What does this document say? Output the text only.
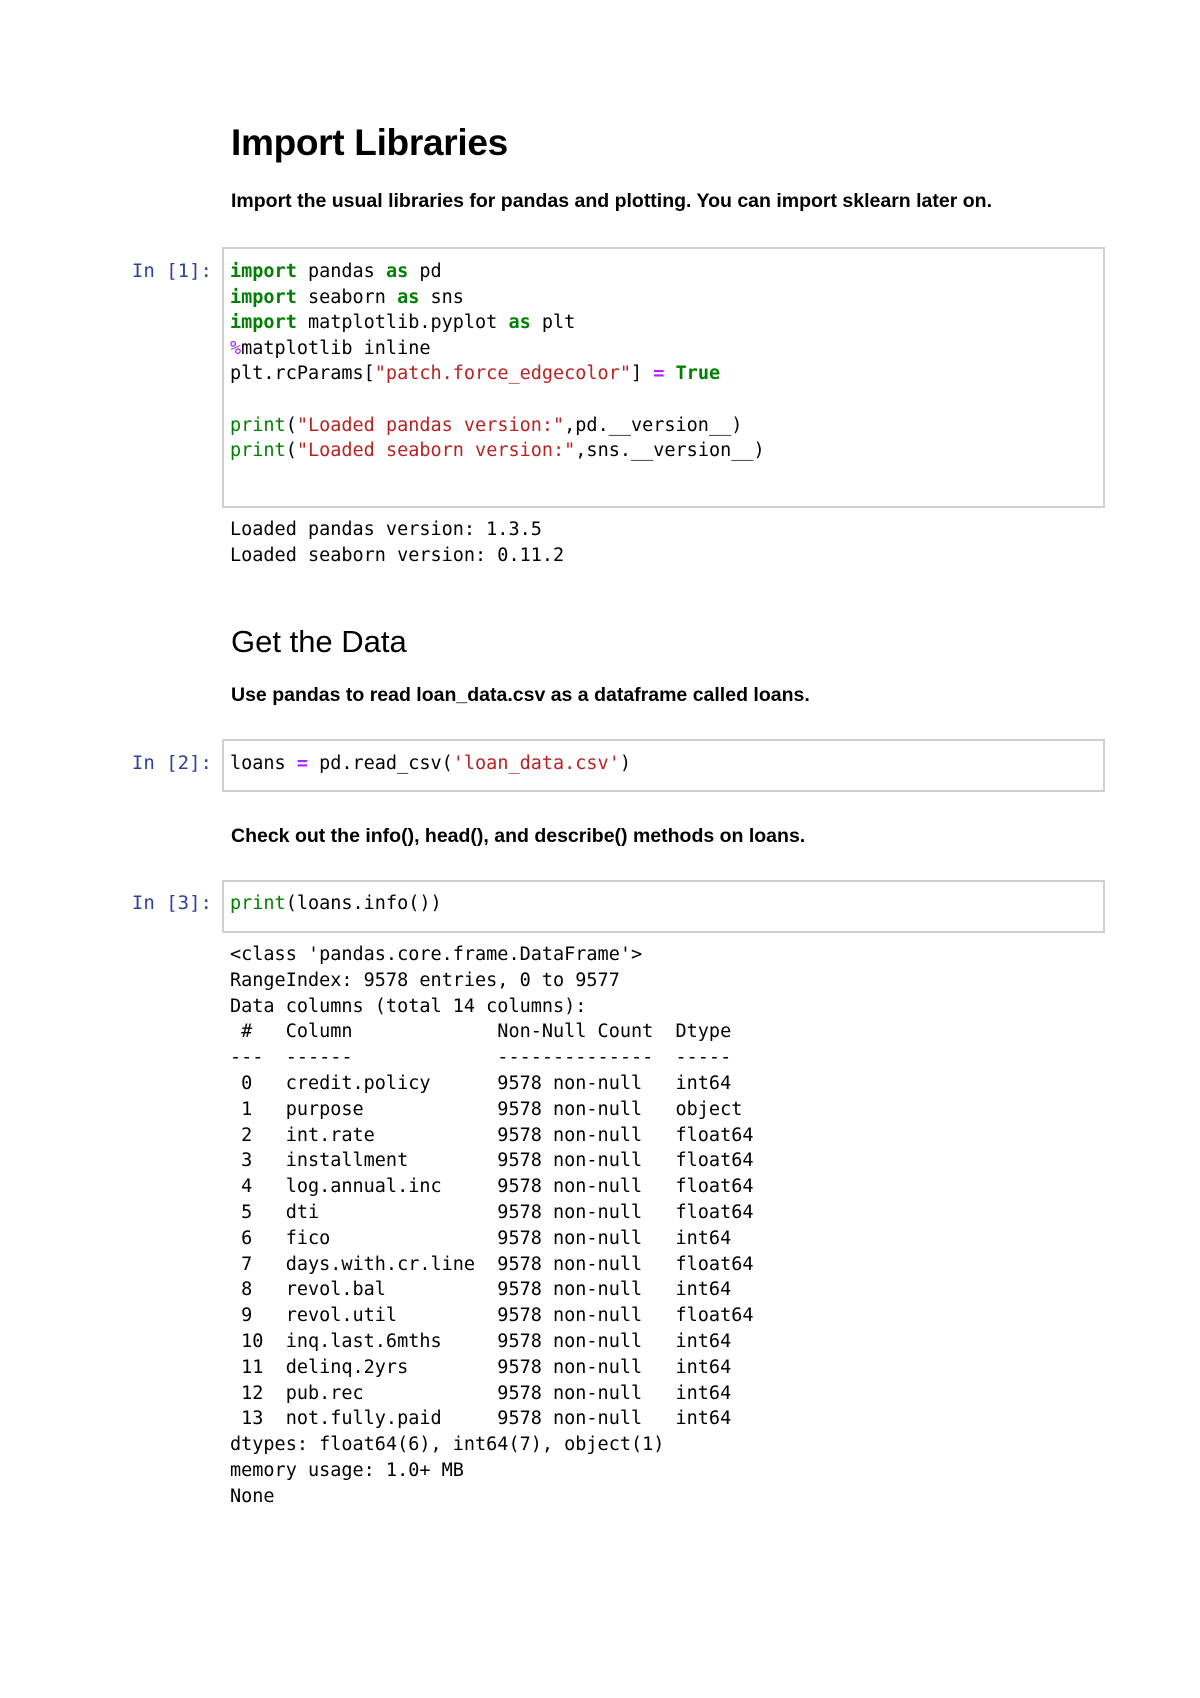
Import Libraries

Import the usual libraries for pandas and plotting. You can import sklearn later on.

In [1]: import pandas as pd
import seaborn as sns
import matplotlib.pyplot as plt
%matplotlib inline
plt.rcParams["patch.force_edgecolor"] = True

print("Loaded pandas version:",pd.__version__)
print("Loaded seaborn version:",sns.__version__)
Loaded pandas version: 1.3.5
Loaded seaborn version: 0.11.2
Get the Data

Use pandas to read loan_data.csv as a dataframe called loans.

In [2]: loans = pd.read_csv('loan_data.csv')

Check out the info(), head(), and describe() methods on loans.

In [3]: print(loans.info())
<class 'pandas.core.frame.DataFrame'>
RangeIndex: 9578 entries, 0 to 9577
Data columns (total 14 columns):
#   Column             Non-Null Count  Dtype
---  ------             --------------  -----
0   credit.policy      9578 non-null   int64
1   purpose            9578 non-null   object
2   int.rate           9578 non-null   float64
3   installment        9578 non-null   float64
4   log.annual.inc     9578 non-null   float64
5   dti                9578 non-null   float64
6   fico               9578 non-null   int64
7   days.with.cr.line  9578 non-null   float64
8   revol.bal          9578 non-null   int64
9   revol.util         9578 non-null   float64
10  inq.last.6mths     9578 non-null   int64
11  delinq.2yrs        9578 non-null   int64
12  pub.rec            9578 non-null   int64
13  not.fully.paid     9578 non-null   int64
dtypes: float64(6), int64(7), object(1)
memory usage: 1.0+ MB
None
